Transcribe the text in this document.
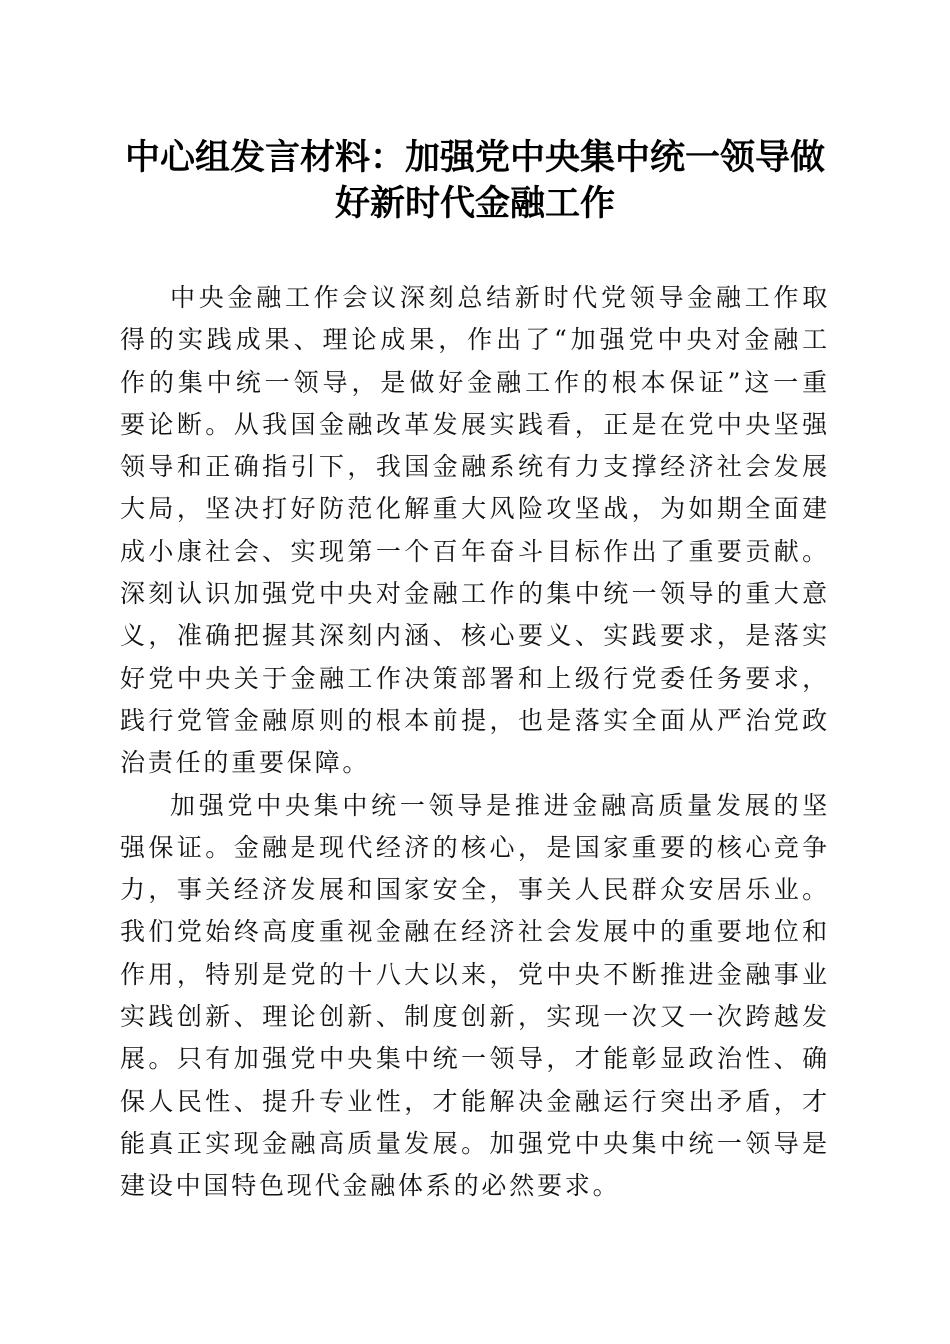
中心组发言材料：加强党中央集中统一领导做
好新时代金融工作

中央金融工作会议深刻总结新时代党领导金融工作取得的实践成果、理论成果，作出了“加强党中央对金融工作的集中统一领导，是做好金融工作的根本保证”这一重要论断。从我国金融改革发展实践看，正是在党中央坚强领导和正确指引下，我国金融系统有力支撑经济社会发展大局，坚决打好防范化解重大风险攻坚战，为如期全面建成小康社会、实现第一个百年奋斗目标作出了重要贡献。深刻认识加强党中央对金融工作的集中统一领导的重大意义，准确把握其深刻内涵、核心要义、实践要求，是落实好党中央关于金融工作决策部署和上级行党委任务要求，践行党管金融原则的根本前提，也是落实全面从严治党政治责任的重要保障。

加强党中央集中统一领导是推进金融高质量发展的坚强保证。金融是现代经济的核心，是国家重要的核心竞争力，事关经济发展和国家安全，事关人民群众安居乐业。我们党始终高度重视金融在经济社会发展中的重要地位和作用，特别是党的十八大以来，党中央不断推进金融事业实践创新、理论创新、制度创新，实现一次又一次跨越发展。只有加强党中央集中统一领导，才能彰显政治性、确保人民性、提升专业性，才能解决金融运行突出矛盾，才能真正实现金融高质量发展。加强党中央集中统一领导是建设中国特色现代金融体系的必然要求。
